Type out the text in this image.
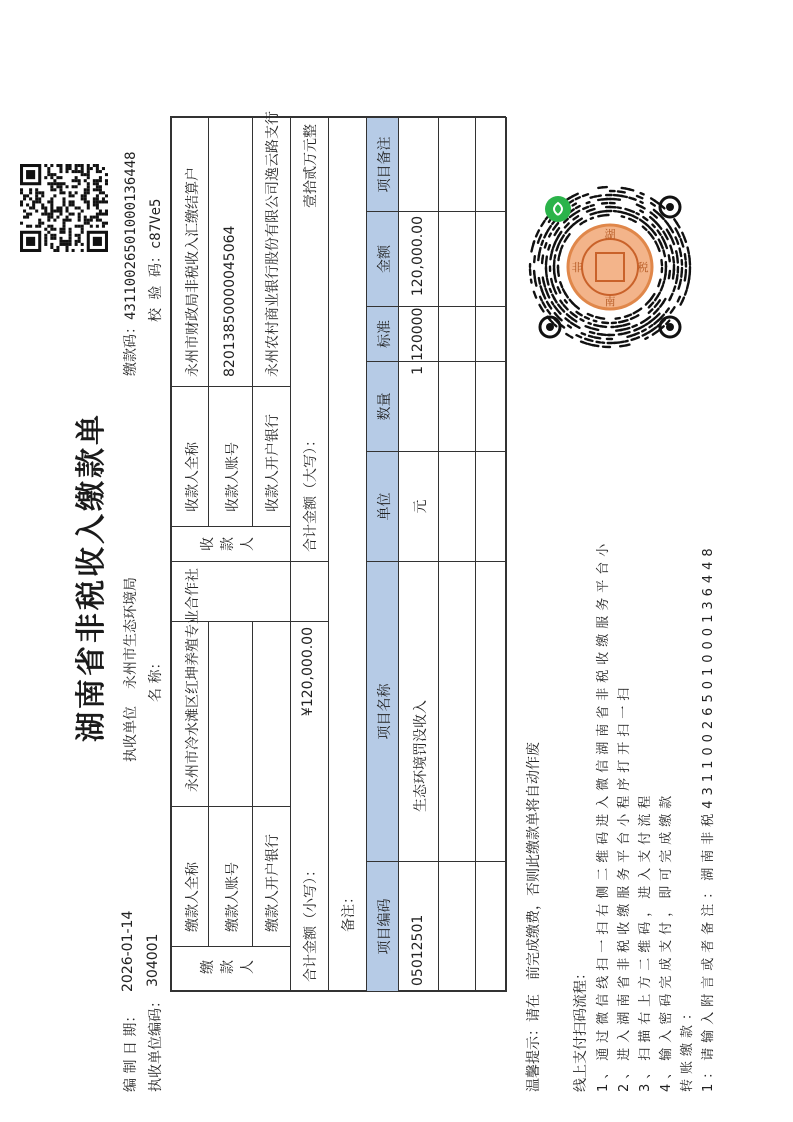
湖南省非税收入缴款单
编 制 日 期：
2026-01-14
执收单位
永州市生态环境局
缴款码：4311002650100013​6448
执收单位编码：
304001
名 称：
校 验 码：c87Ve5
缴款人
缴款人全称
永州市冷水滩区红坤养殖专业合作社
缴款人账号 缴款人开户银行
收款人
收款人全称
永州市财政局非税收入汇缴结算户
收款人账号
82013850000045064
收款人开户银行
永州农村商业银行股份有限公司逸云路支行
合计金额（小写）：
¥120,000.00
合计金额（大写）：
壹拾贰万元整
备注： 项目编码
项目名称
单位
数量
标准
金额
项目备注
05012501
生态环境罚没收入
元
1
120000
120,000.00
温馨提示：请在　前完成缴费，否则此缴款单将自动作废 线上支付扫码流程： 1、通过微信线扫一扫右侧二维码进入微信湖南省非税收缴服务平台小 2、进入湖南省非税收缴服务平台小程序打开扫一扫 3、扫描右上方二维码，进入支付流程 4、输入密码完成支付，即可完成缴款 转账缴款： 1：请输入附言或者备注：湖南非税4311002650100013​6448
湖
南
非	税
